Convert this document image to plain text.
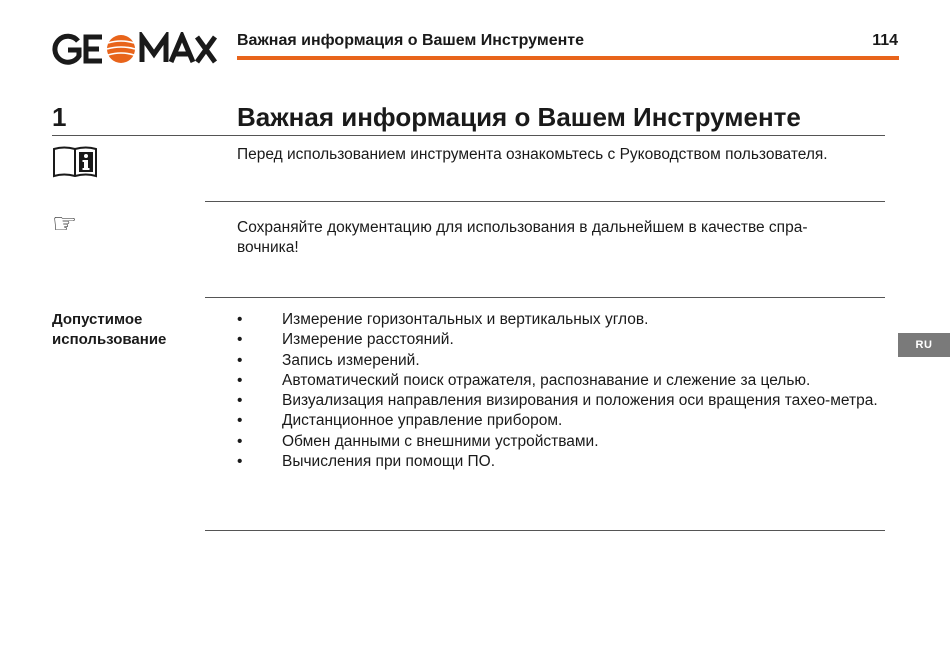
Важная информация о Вашем Инструменте	114
1	Важная информация о Вашем Инструменте
Перед использованием инструмента ознакомьтесь с Руководством пользователя.
☞	Сохраняйте документацию для использования в дальнейшем в качестве спра-вочника!
Допустимое использование
•	Измерение горизонтальных и вертикальных углов.
•	Измерение расстояний.
•	Запись измерений.
•	Автоматический поиск отражателя, распознавание и слежение за целью.
•	Визуализация направления визирования и положения оси вращения тахео-метра.
•	Дистанционное управление прибором.
•	Обмен данными с внешними устройствами.
•	Вычисления при помощи ПО.
RU
